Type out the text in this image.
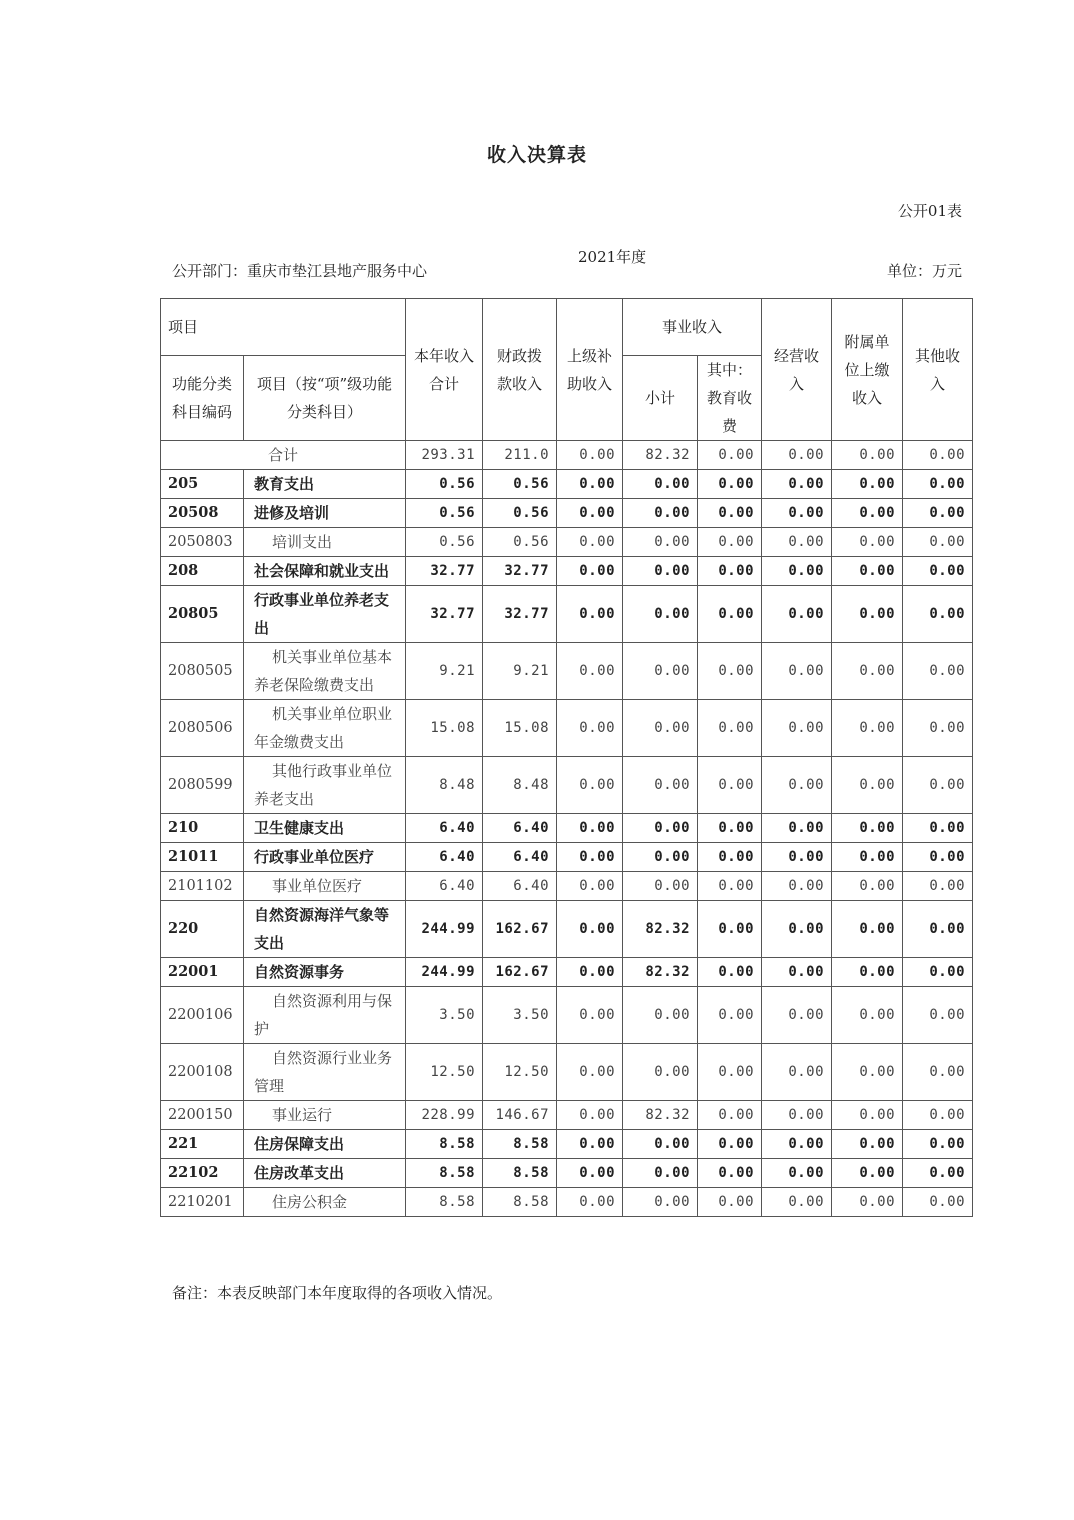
收入决算表
公开01表
2021年度
公开部门：重庆市垫江县地产服务中心	单位：万元
项目		本年收入合计	财政拨款收入	上级补助收入	事业收入		经营收入	附属单位上缴收入	其他收入
功能分类科目编码	项目（按“项”级功能分类科目）							
					小计	其中：教育收费			
合计		293.31	211.0	0.00	82.32	0.00	0.00	0.00	0.00
205	教育支出	0.56	0.56	0.00	0.00	0.00	0.00	0.00	0.00
20508	进修及培训	0.56	0.56	0.00	0.00	0.00	0.00	0.00	0.00
2050803	培训支出	0.56	0.56	0.00	0.00	0.00	0.00	0.00	0.00
208	社会保障和就业支出	32.77	32.77	0.00	0.00	0.00	0.00	0.00	0.00
20805	行政事业单位养老支出	32.77	32.77	0.00	0.00	0.00	0.00	0.00	0.00
2080505	机关事业单位基本养老保险缴费支出	9.21	9.21	0.00	0.00	0.00	0.00	0.00	0.00
2080506	机关事业单位职业年金缴费支出	15.08	15.08	0.00	0.00	0.00	0.00	0.00	0.00
2080599	其他行政事业单位养老支出	8.48	8.48	0.00	0.00	0.00	0.00	0.00	0.00
210	卫生健康支出	6.40	6.40	0.00	0.00	0.00	0.00	0.00	0.00
21011	行政事业单位医疗	6.40	6.40	0.00	0.00	0.00	0.00	0.00	0.00
2101102	事业单位医疗	6.40	6.40	0.00	0.00	0.00	0.00	0.00	0.00
220	自然资源海洋气象等支出	244.99	162.67	0.00	82.32	0.00	0.00	0.00	0.00
22001	自然资源事务	244.99	162.67	0.00	82.32	0.00	0.00	0.00	0.00
2200106	自然资源利用与保护	3.50	3.50	0.00	0.00	0.00	0.00	0.00	0.00
2200108	自然资源行业业务管理	12.50	12.50	0.00	0.00	0.00	0.00	0.00	0.00
2200150	事业运行	228.99	146.67	0.00	82.32	0.00	0.00	0.00	0.00
221	住房保障支出	8.58	8.58	0.00	0.00	0.00	0.00	0.00	0.00
22102	住房改革支出	8.58	8.58	0.00	0.00	0.00	0.00	0.00	0.00
2210201	住房公积金	8.58	8.58	0.00	0.00	0.00	0.00	0.00	0.00
备注：本表反映部门本年度取得的各项收入情况。
